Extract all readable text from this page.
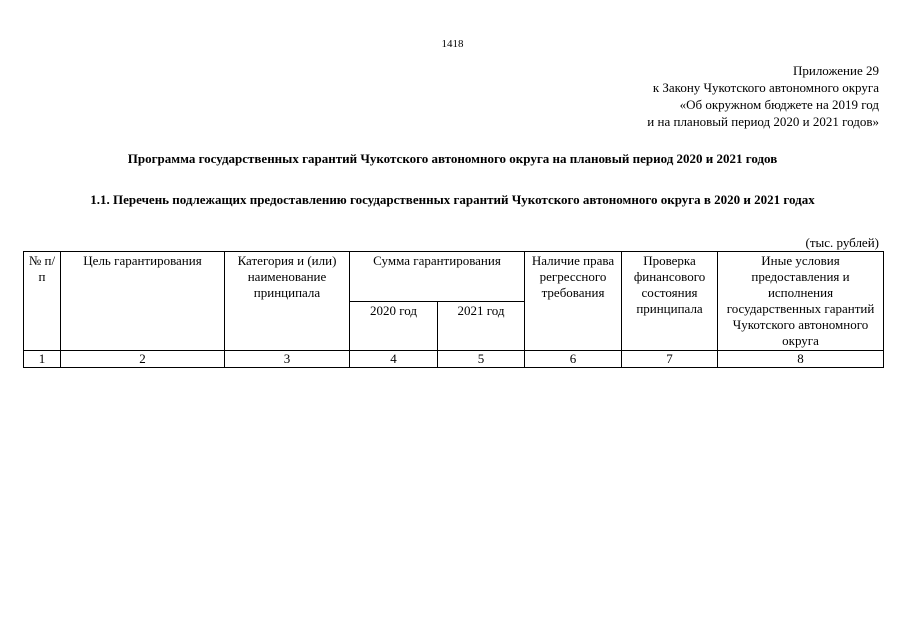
1418
Приложение 29
к Закону Чукотского автономного округа
«Об окружном бюджете на 2019 год
и на плановый период 2020 и 2021 годов»
Программа государственных гарантий Чукотского автономного округа на плановый период 2020 и 2021 годов
1.1. Перечень подлежащих предоставлению государственных гарантий Чукотского автономного округа в 2020 и 2021 годах
(тыс. рублей)
№ п/п	Цель гарантирования	Категория и (или) наименование принципала	Сумма гарантирования		Наличие права регрессного требования	Проверка финансового состояния принципала	Иные условия предоставления и исполнения государственных гарантий Чукотского автономного округа
			2020 год	2021 год			
1	2	3	4	5	6	7	8
